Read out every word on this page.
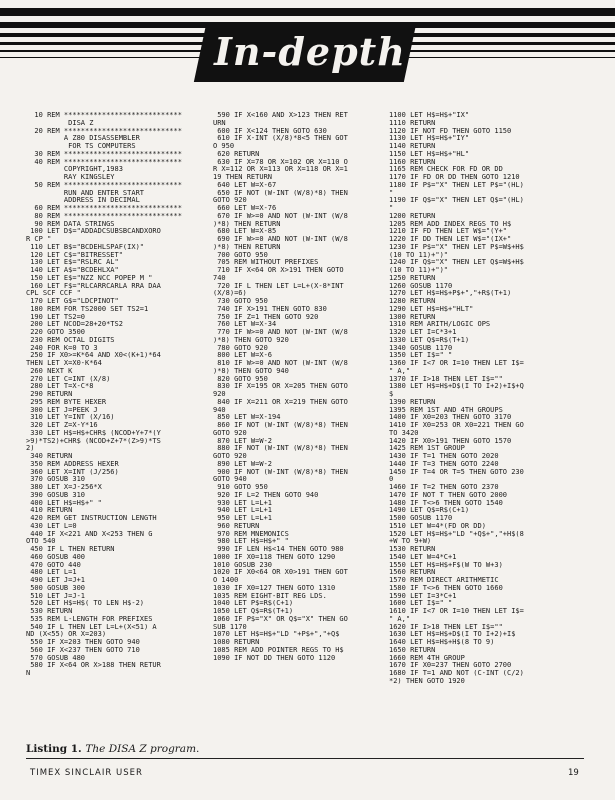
In-depth
10 REM ****************************
DISA Z
20 REM ****************************
A Z80 DISASSEMBLER
FOR TS COMPUTERS
30 REM ****************************
40 REM ****************************
COPYRIGHT,1983
RAY KINGSLEY
50 REM ****************************
RUN AND ENTER START
ADDRESS IN DECIMAL
60 REM ****************************
80 REM ****************************
90 REM DATA STRINGS
100 LET D$="ADDADCSUBSBCANDXORO
R CP "
110 LET B$="BCDEHLSPAF(IX)"
120 LET C$="BITRESSET"
130 LET E$="RSLRC AL"
140 LET A$="BCDEHLXA"
150 LET E$="NZZ NCC POPEP M "
160 LET F$="RLCARRCARLA RRA DAA
CPL SCF CCF "
170 LET G$="LDCPINOT"
180 REM FOR TS2000 SET TS2=1
190 LET TS2=0
200 LET NCOD=28+20*TS2
220 GOTO 3500
230 REM OCTAL DIGITS
240 FOR K=0 TO 3
250 IF X0>=K*64 AND X0<(K+1)*64
THEN LET X=X0-K*64
260 NEXT K
270 LET C=INT (X/8)
280 LET T=X-C*8
290 RETURN
295 REM BYTE HEXER
300 LET J=PEEK J
310 LET Y=INT (X/16)
320 LET Z=X-Y*16
330 LET H$=H$+CHR$ (NCOD+Y+7*(Y
>9)*TS2)+CHR$ (NCOD+Z+7*(Z>9)*TS
2)
340 RETURN
350 REM ADDRESS HEXER
360 LET X=INT (J/256)
370 GOSUB 310
380 LET X=J-256*X
390 GOSUB 310
400 LET H$=H$+" "
410 RETURN
420 REM GET INSTRUCTION LENGTH
430 LET L=0
440 IF X<221 AND X<253 THEN G
OTO 540
450 IF L THEN RETURN
460 GOSUB 400
470 GOTO 440
480 LET L=1
490 LET J=J+1
500 GOSUB 300
510 LET J=J-1
520 LET H$=H$( TO LEN H$-2)
530 RETURN
535 REM L-LENGTH FOR PREFIXES
540 IF L THEN LET L=L+(X<51) A
ND (X<55) OR X=203)
550 IF X=203 THEN GOTO 940
560 IF X<237 THEN GOTO 710
570 GOSUB 480
580 IF X<64 OR X>188 THEN RETUR
N
590 IF X<160 AND X>123 THEN RET
URN
600 IF X<124 THEN GOTO 630
610 IF X-INT (X/8)*8<5 THEN GOT
O 950
620 RETURN
630 IF X=78 OR X=102 OR X=110 O
R X=112 OR X=113 OR X=118 OR X=1
19 THEN RETURN
640 LET W=X-67
650 IF NOT (W-INT (W/8)*8) THEN
GOTO 920
660 LET W=X-76
670 IF W>=0 AND NOT (W-INT (W/8
)*8) THEN RETURN
680 LET W=X-85
690 IF W>=0 AND NOT (W-INT (W/8
)*8) THEN RETURN
700 GOTO 950
705 REM WITHOUT PREFIXES
710 IF X<64 OR X>191 THEN GOTO
740
720 IF L THEN LET L=L+(X-8*INT
(X/8)=6)
730 GOTO 950
740 IF X>191 THEN GOTO 830
750 IF Z=1 THEN GOTO 920
760 LET W=X-34
770 IF W>=0 AND NOT (W-INT (W/8
)*8) THEN GOTO 920
780 GOTO 920
800 LET W=X-6
810 IF W>=0 AND NOT (W-INT (W/8
)*8) THEN GOTO 940
820 GOTO 950
830 IF X=195 OR X=205 THEN GOTO
920
840 IF X=211 OR X=219 THEN GOTO
940
850 LET W=X-194
860 IF NOT (W-INT (W/8)*8) THEN
GOTO 920
870 LET W=W-2
880 IF NOT (W-INT (W/8)*8) THEN
GOTO 920
890 LET W=W-2
900 IF NOT (W-INT (W/8)*8) THEN
GOTO 940
910 GOTO 950
920 IF L=2 THEN GOTO 940
930 LET L=L+1
940 LET L=L+1
950 LET L=L+1
960 RETURN
970 REM MNEMONICS
980 LET H$=H$+" "
990 IF LEN H$<14 THEN GOTO 980
1000 IF X0=118 THEN GOTO 1290
1010 GOSUB 230
1020 IF X0<64 OR X0>191 THEN GOT
O 1400
1030 IF X0=127 THEN GOTO 1310
1035 REM EIGHT-BIT REG LDS.
1040 LET P$=R$(C+1)
1050 LET Q$=R$(T+1)
1060 IF P$="X" OR Q$="X" THEN GO
SUB 1170
1070 LET H$=H$+"LD "+P$+","+Q$
1080 RETURN
1085 REM ADD POINTER REGS TO H$
1090 IF NOT DD THEN GOTO 1120
1100 LET H$=H$+"IX"
1110 RETURN
1120 IF NOT FD THEN GOTO 1150
1130 LET H$=H$+"IY"
1140 RETURN
1150 LET H$=H$+"HL"
1160 RETURN
1165 REM CHECK FOR FD OR DD
1170 IF FD OR DD THEN GOTO 1210
1180 IF P$="X" THEN LET P$="(HL)
"
1190 IF Q$="X" THEN LET Q$="(HL)
"
1200 RETURN
1205 REM ADD INDEX REGS TO H$
1210 IF FD THEN LET W$="(Y+"
1220 IF DD THEN LET W$="(IX+"
1230 IF P$="X" THEN LET P$=W$+H$
(10 TO 11)+")"
1240 IF Q$="X" THEN LET Q$=W$+H$
(10 TO 11)+")"
1250 RETURN
1260 GOSUB 1170
1270 LET H$=H$+P$+","+R$(T+1)
1280 RETURN
1290 LET H$=H$+"HLT"
1300 RETURN
1310 REM ARITH/LOGIC OPS
1320 LET I=C*3+1
1330 LET Q$=R$(T+1)
1340 GOSUB 1170
1350 LET I$=" "
1360 IF I<7 OR I=10 THEN LET I$=
" A,"
1370 IF I>18 THEN LET I$=""
1380 LET H$=H$+D$(I TO I+2)+I$+Q
$
1390 RETURN
1395 REM 1ST AND 4TH GROUPS
1400 IF X0=203 THEN GOTO 3170
1410 IF X0=253 OR X0=221 THEN GO
TO 3420
1420 IF X0>191 THEN GOTO 1570
1425 REM 1ST GROUP
1430 IF T=1 THEN GOTO 2020
1440 IF T=3 THEN GOTO 2240
1450 IF T=4 OR T=5 THEN GOTO 230
0
1460 IF T=2 THEN GOTO 2370
1470 IF NOT T THEN GOTO 2000
1480 IF T<>6 THEN GOTO 1540
1490 LET Q$=R$(C+1)
1500 GOSUB 1170
1510 LET W=4*(FD OR DD)
1520 LET H$=H$+"LD "+Q$+","+H$(8
+W TO 9+W)
1530 RETURN
1540 LET W=4*C+1
1550 LET H$=H$+F$(W TO W+3)
1560 RETURN
1570 REM DIRECT ARITHMETIC
1580 IF T<>6 THEN GOTO 1660
1590 LET I=3*C+1
1600 LET I$=" "
1610 IF I<7 OR I=10 THEN LET I$=
" A,"
1620 IF I>18 THEN LET I$=""
1630 LET H$=H$+D$(I TO I+2)+I$
1640 LET H$=H$+H$(8 TO 9)
1650 RETURN
1660 REM 4TH GROUP
1670 IF X0=237 THEN GOTO 2700
1680 IF T=1 AND NOT (C-INT (C/2)
*2) THEN GOTO 1920
Listing 1. The DISA Z program.
TIMEX SINCLAIR USER	19
